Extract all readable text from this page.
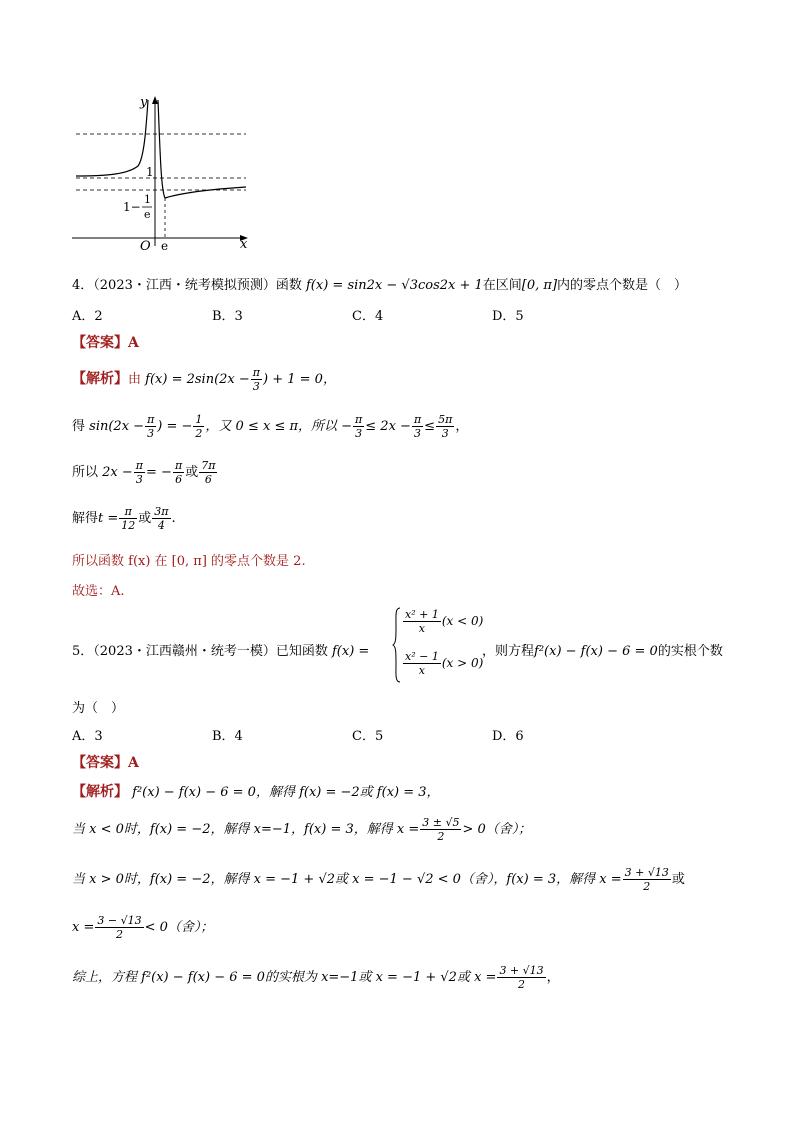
y
x
O
1
e
1−
1
e
4．（2023・江西・统考模拟预测）函数 f(x) = sin2x − √3cos2x + 1在区间[0, π]内的零点个数是（　）
A．2	B．3	C．4	D．5
【答案】A
【解析】由 $f(x) = 2\sin(2x - \frac{\pi}{3}$ ) + 1 = 0，
得 $\sin(2x - \frac{\pi}{3}$ ) = − $\frac{1}{2}$ ，又 0 ≤ x ≤ π，所以 − $\frac{\pi}{3} \le 2x - \frac{\pi}{3} \le \frac{5\pi}{3}$ ，
所以 $2x - \frac{\pi}{3}$ = − $\frac{\pi}{6}$ 或 $\frac{7\pi}{6}$
解得$t = \frac{\pi}{12}$ 或 $\frac{3\pi}{4}$ .
所以函数 f(x) 在 [0, π] 的零点个数是 2.
故选：A.
5．（2023・江西赣州・统考一模）已知函数 f(x) =
$\frac{\text{x² + 1}}{x} (x < 0)$
$\frac{\text{x² − 1}}{x} (x > 0)$
，则方程f²(x) − f(x) − 6 = 0的实根个数
为（　）
A．3	B．4	C．5	D．6
【答案】A
【解析】 f²(x) − f(x) − 6 = 0，解得 f(x) = −2或 f(x) = 3，
当 x < 0时，f(x) = −2，解得 x=−1，f(x) = 3，解得 $x = \frac{3 \pm √5}{2} > 0$（舍）；
当 x > 0时，f(x) = −2，解得 x = −1 + √2或 x = −1 − √2 < 0（舍），f(x) = 3，解得 $x = \frac{3 + √13}{2}$ 或
$x = \frac{3 - √13}{2} < 0$（舍）；
综上，方程 f²(x) − f(x) − 6 = 0的实根为 x=−1或 x = −1 + √2或 $x = \frac{3 + √13}{2}$ ，
